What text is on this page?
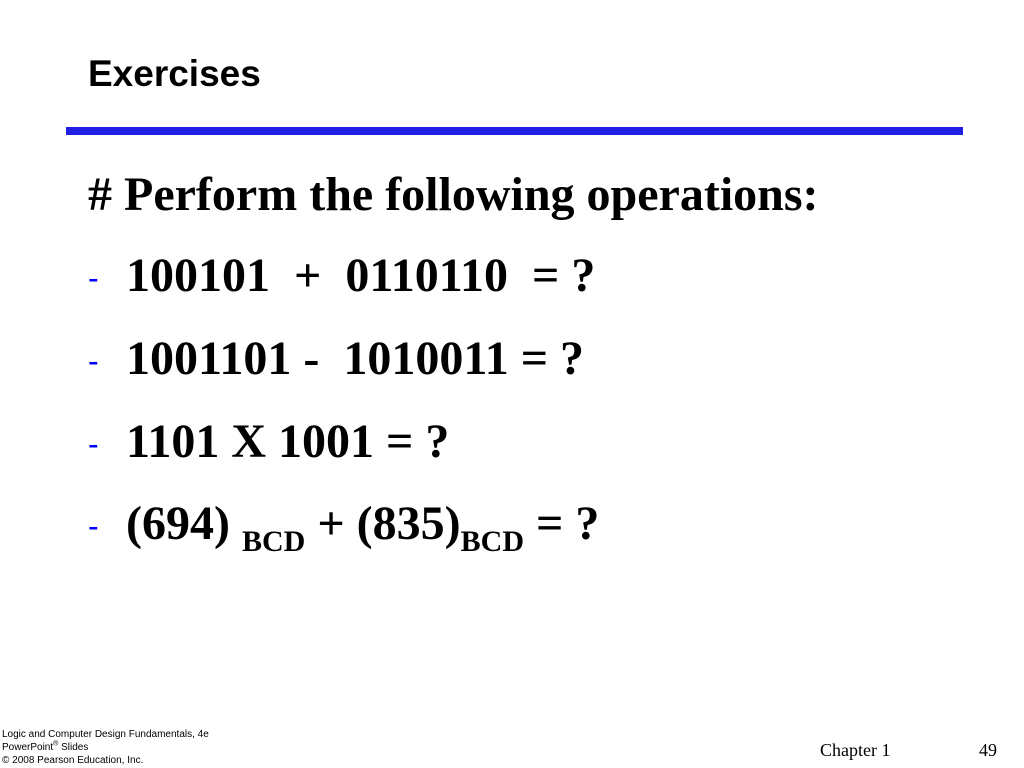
Exercises
# Perform the following operations:
- 100101  +  0110110  = ?
- 1001101 -  1010011 = ?
- 1101 X 1001 = ?
- (694) $_{BCD} + (835)_{BCD}$ = ?
Logic and Computer Design Fundamentals, 4e
PowerPoint® Slides
© 2008 Pearson Education, Inc.
Chapter 1	49
